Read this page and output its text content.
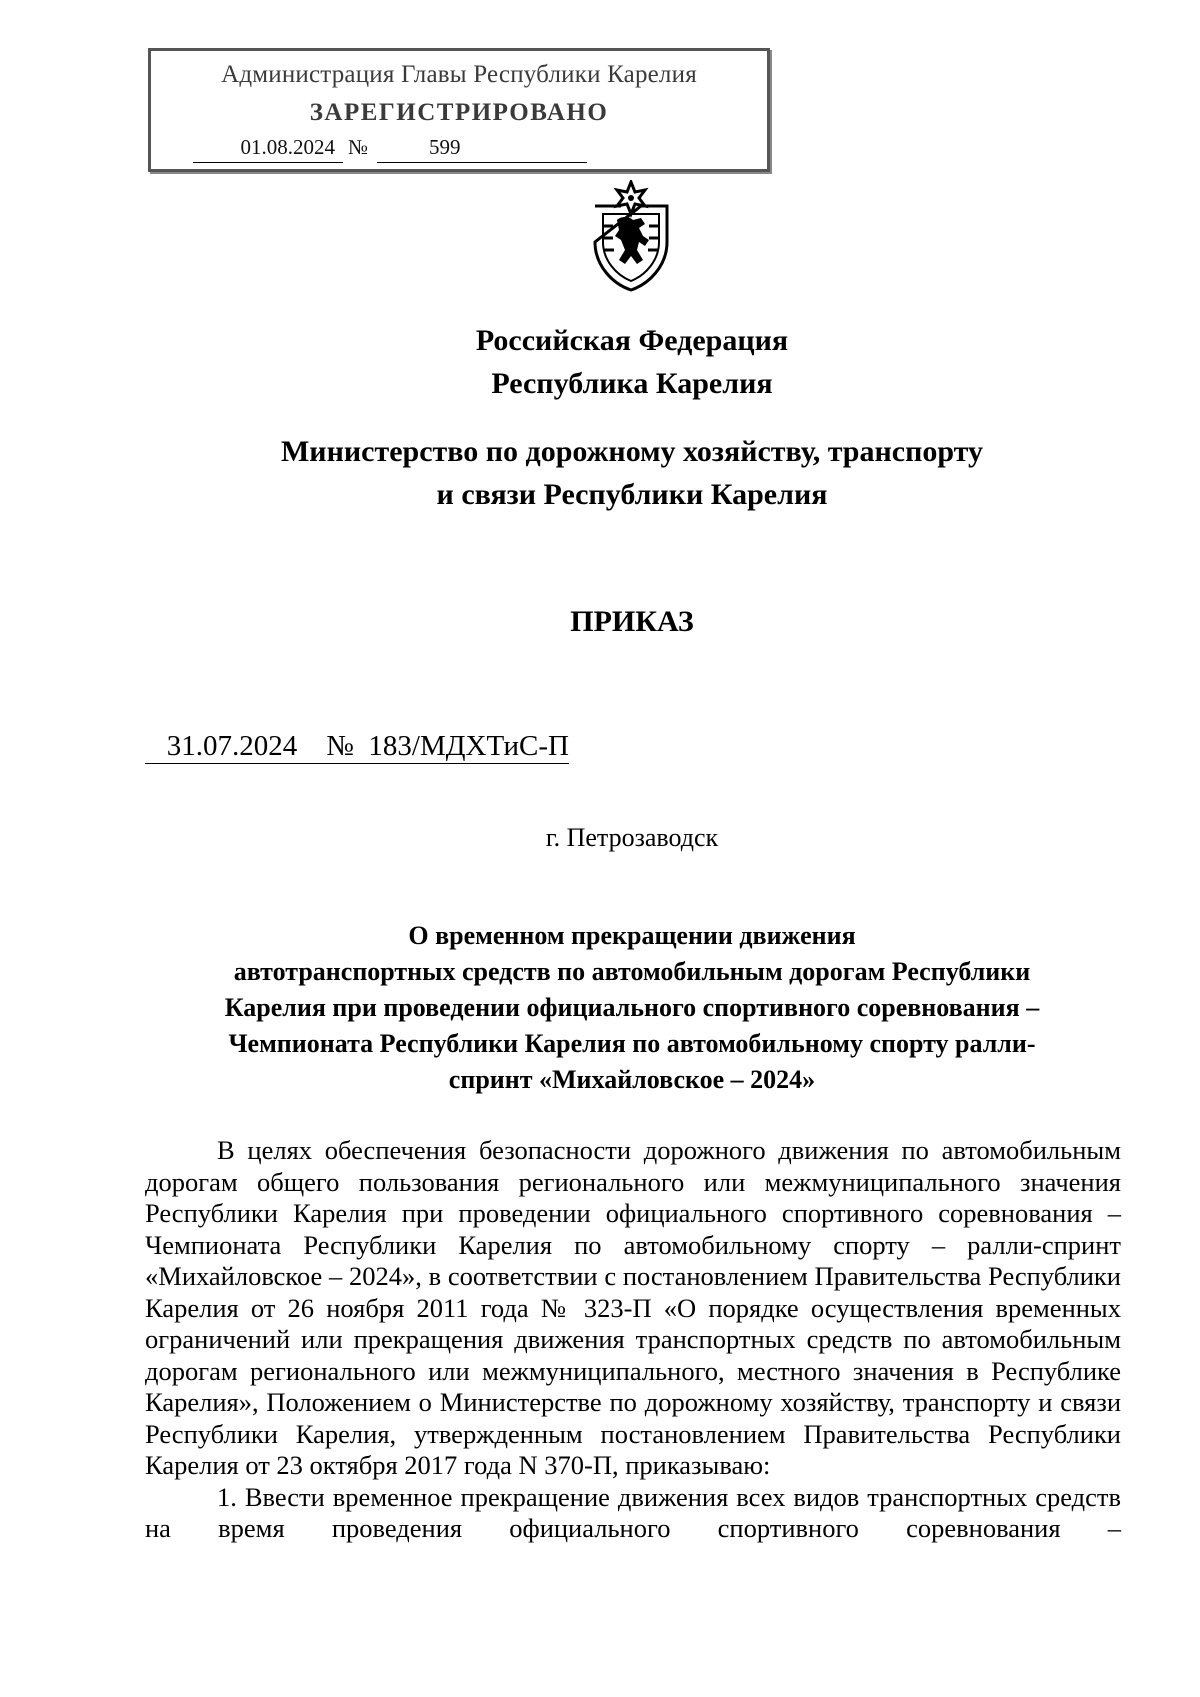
Администрация Главы Республики Карелия
ЗАРЕГИСТРИРОВАНО
01.08.2024 №	599
Российская Федерация
Республика Карелия
Министерство по дорожному хозяйству, транспорту
и связи Республики Карелия
ПРИКАЗ
31.07.2024 № 183/МДХТиС-П
г. Петрозаводск
О временном прекращении движения
автотранспортных средств по автомобильным дорогам Республики
Карелия при проведении официального спортивного соревнования –
Чемпионата Республики Карелия по автомобильному спорту ралли-
спринт «Михайловское – 2024»

В целях обеспечения безопасности дорожного движения по автомобильным дорогам общего пользования регионального или межмуниципального значения Республики Карелия при проведении официального спортивного соревнования – Чемпионата Республики Карелия по автомобильному спорту – ралли-спринт «Михайловское – 2024», в соответствии с постановлением Правительства Республики Карелия от 26 ноября 2011 года № 323-П «О порядке осуществления временных ограничений или прекращения движения транспортных средств по автомобильным дорогам регионального или межмуниципального, местного значения в Республике Карелия», Положением о Министерстве по дорожному хозяйству, транспорту и связи Республики Карелия, утвержденным постановлением Правительства Республики Карелия от 23 октября 2017 года N 370-П, приказываю:

1. Ввести временное прекращение движения всех видов транспортных средств на время проведения официального спортивного соревнования –
